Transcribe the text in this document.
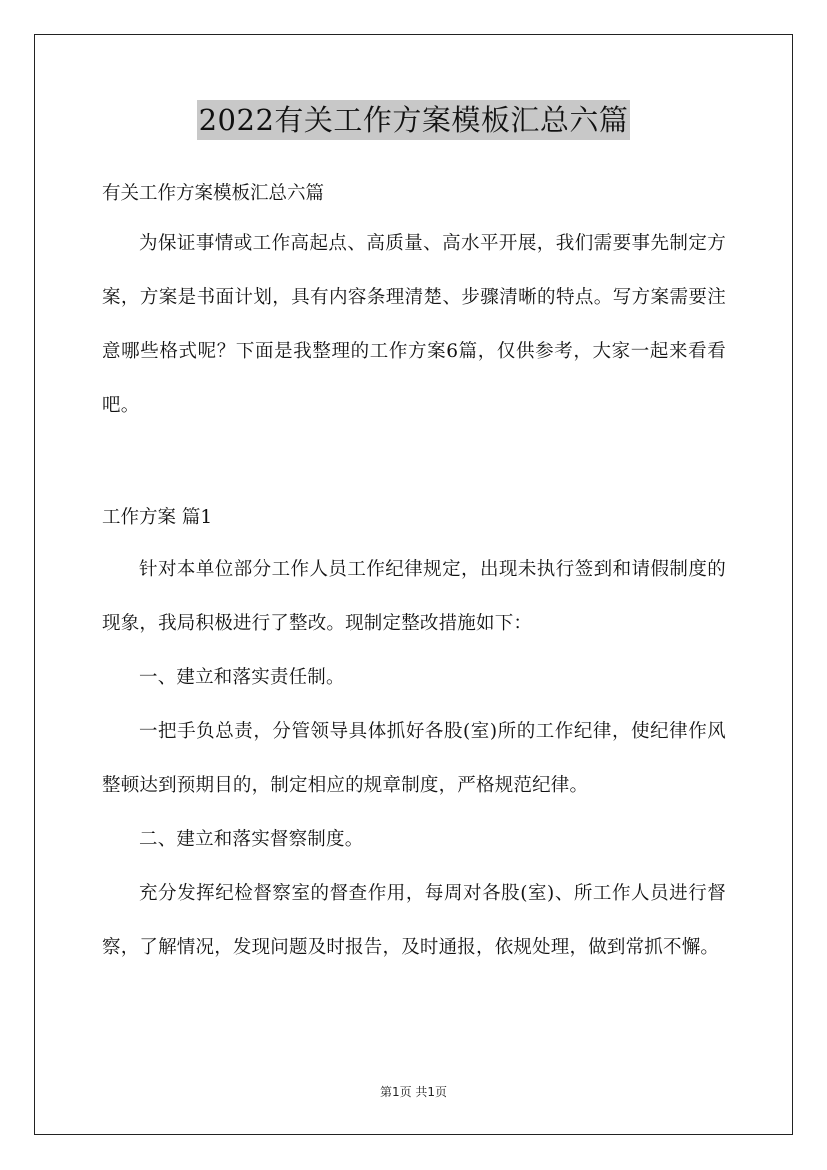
2022有关工作方案模板汇总六篇
有关工作方案模板汇总六篇

为保证事情或工作高起点、高质量、高水平开展，我们需要事先制定方案，方案是书面计划，具有内容条理清楚、步骤清晰的特点。写方案需要注意哪些格式呢？下面是我整理的工作方案6篇，仅供参考，大家一起来看看吧。

工作方案 篇1

针对本单位部分工作人员工作纪律规定，出现未执行签到和请假制度的现象，我局积极进行了整改。现制定整改措施如下：

一、建立和落实责任制。

一把手负总责，分管领导具体抓好各股(室)所的工作纪律，使纪律作风整顿达到预期目的，制定相应的规章制度，严格规范纪律。

二、建立和落实督察制度。

充分发挥纪检督察室的督查作用，每周对各股(室)、所工作人员进行督察，了解情况，发现问题及时报告，及时通报，依规处理，做到常抓不懈。

第1页 共1页
